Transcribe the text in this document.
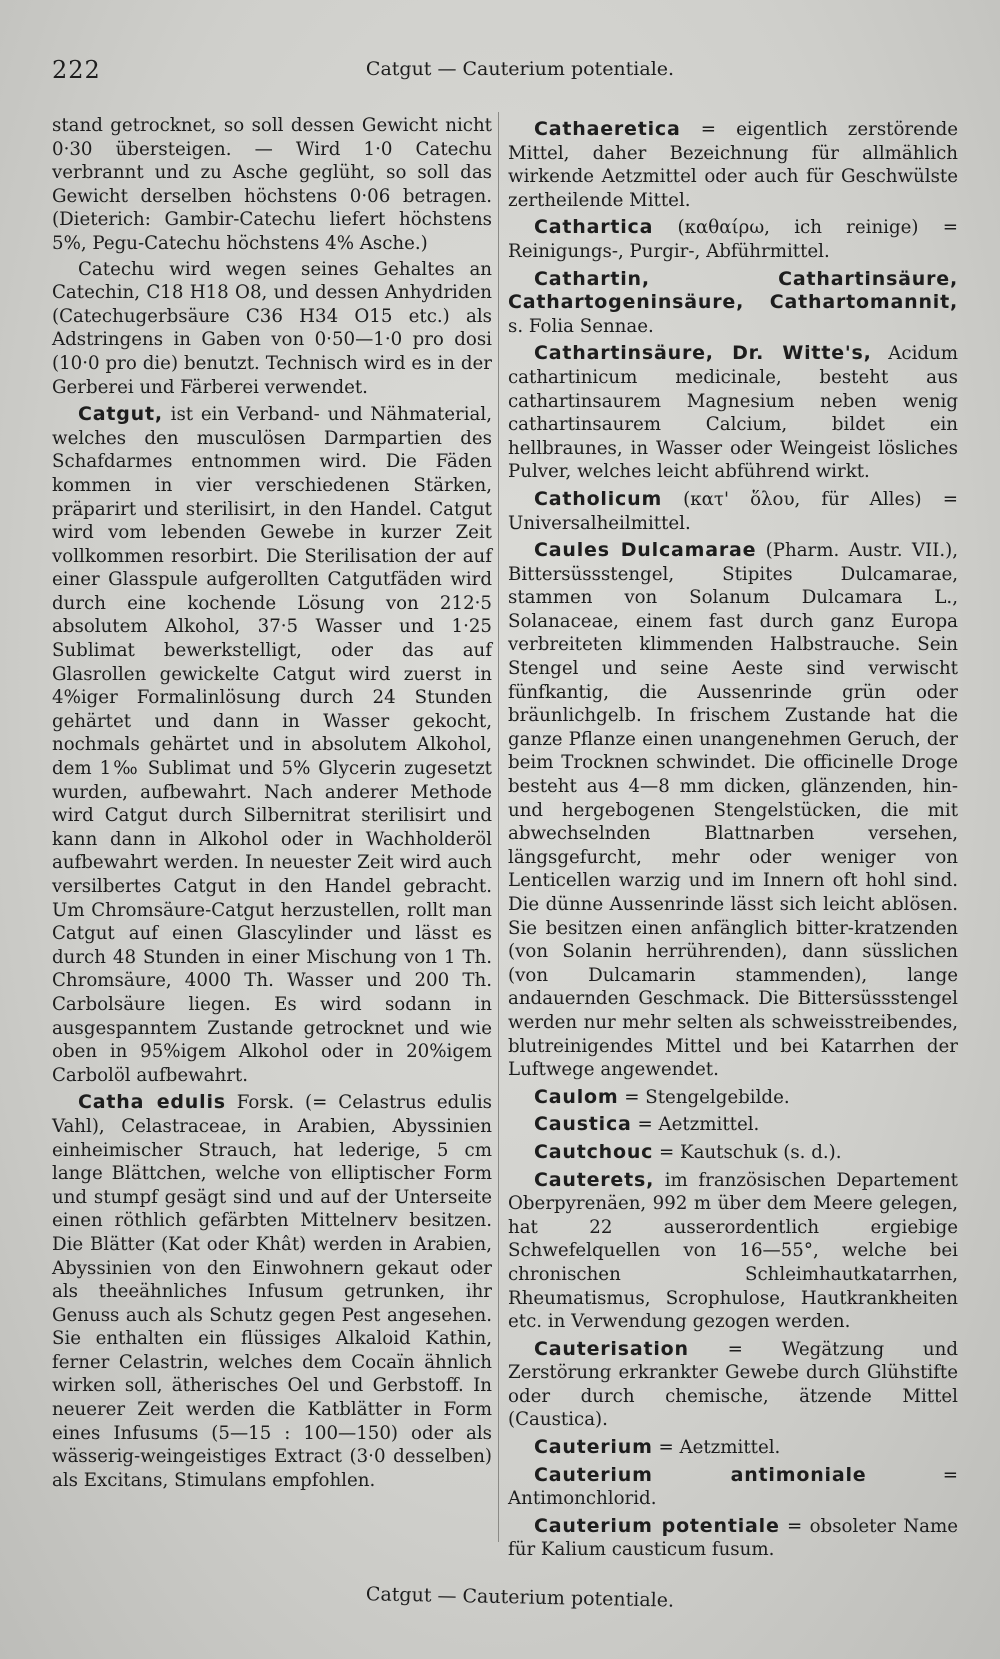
222	Catgut — Cauterium potentiale.

stand getrocknet, so soll dessen Gewicht nicht 0·30 übersteigen. — Wird 1·0 Catechu verbrannt und zu Asche geglüht, so soll das Gewicht derselben höchstens 0·06 betragen. (Dieterich: Gambir-Catechu liefert höchstens 5%, Pegu-Catechu höchstens 4% Asche.)

Catechu wird wegen seines Gehaltes an Catechin, C18 H18 O8, und dessen Anhydriden (Catechugerbsäure C36 H34 O15 etc.) als Adstringens in Gaben von 0·50—1·0 pro dosi (10·0 pro die) benutzt. Technisch wird es in der Gerberei und Färberei verwendet.

Catgut, ist ein Verband- und Nähmaterial, welches den musculösen Darmpartien des Schafdarmes entnommen wird. Die Fäden kommen in vier verschiedenen Stärken, präparirt und sterilisirt, in den Handel. Catgut wird vom lebenden Gewebe in kurzer Zeit vollkommen resorbirt. Die Sterilisation der auf einer Glasspule aufgerollten Catgutfäden wird durch eine kochende Lösung von 212·5 absolutem Alkohol, 37·5 Wasser und 1·25 Sublimat bewerkstelligt, oder das auf Glasrollen gewickelte Catgut wird zuerst in 4%iger Formalinlösung durch 24 Stunden gehärtet und dann in Wasser gekocht, nochmals gehärtet und in absolutem Alkohol, dem 1‰ Sublimat und 5% Glycerin zugesetzt wurden, aufbewahrt. Nach anderer Methode wird Catgut durch Silbernitrat sterilisirt und kann dann in Alkohol oder in Wachholderöl aufbewahrt werden. In neuester Zeit wird auch versilbertes Catgut in den Handel gebracht. Um Chromsäure-Catgut herzustellen, rollt man Catgut auf einen Glascylinder und lässt es durch 48 Stunden in einer Mischung von 1 Th. Chromsäure, 4000 Th. Wasser und 200 Th. Carbolsäure liegen. Es wird sodann in ausgespanntem Zustande getrocknet und wie oben in 95%igem Alkohol oder in 20%igem Carbolöl aufbewahrt.

Catha edulis Forsk. (= Celastrus edulis Vahl), Celastraceae, in Arabien, Abyssinien einheimischer Strauch, hat lederige, 5 cm lange Blättchen, welche von elliptischer Form und stumpf gesägt sind und auf der Unterseite einen röthlich gefärbten Mittelnerv besitzen. Die Blätter (Kat oder Khât) werden in Arabien, Abyssinien von den Einwohnern gekaut oder als theeähnliches Infusum getrunken, ihr Genuss auch als Schutz gegen Pest angesehen. Sie enthalten ein flüssiges Alkaloid Kathin, ferner Celastrin, welches dem Cocaïn ähnlich wirken soll, ätherisches Oel und Gerbstoff. In neuerer Zeit werden die Katblätter in Form eines Infusums (5—15 : 100—150) oder als wässerig-weingeistiges Extract (3·0 desselben) als Excitans, Stimulans empfohlen.

Cathaeretica = eigentlich zerstörende Mittel, daher Bezeichnung für allmählich wirkende Aetzmittel oder auch für Geschwülste zertheilende Mittel.

Cathartica (καθαίρω, ich reinige) = Reinigungs-, Purgir-, Abführmittel.

Cathartin, Cathartinsäure, Cathartogeninsäure, Cathartomannit, s. Folia Sennae.

Cathartinsäure, Dr. Witte's, Acidum cathartinicum medicinale, besteht aus cathartinsaurem Magnesium neben wenig cathartinsaurem Calcium, bildet ein hellbraunes, in Wasser oder Weingeist lösliches Pulver, welches leicht abführend wirkt.

Catholicum (κατ' ὅλου, für Alles) = Universalheilmittel.

Caules Dulcamarae (Pharm. Austr. VII.), Bittersüssstengel, Stipites Dulcamarae, stammen von Solanum Dulcamara L., Solanaceae, einem fast durch ganz Europa verbreiteten klimmenden Halbstrauche. Sein Stengel und seine Aeste sind verwischt fünfkantig, die Aussenrinde grün oder bräunlichgelb. In frischem Zustande hat die ganze Pflanze einen unangenehmen Geruch, der beim Trocknen schwindet. Die officinelle Droge besteht aus 4—8 mm dicken, glänzenden, hin- und hergebogenen Stengelstücken, die mit abwechselnden Blattnarben versehen, längsgefurcht, mehr oder weniger von Lenticellen warzig und im Innern oft hohl sind. Die dünne Aussenrinde lässt sich leicht ablösen. Sie besitzen einen anfänglich bitter-kratzenden (von Solanin herrührenden), dann süsslichen (von Dulcamarin stammenden), lange andauernden Geschmack. Die Bittersüssstengel werden nur mehr selten als schweisstreibendes, blutreinigendes Mittel und bei Katarrhen der Luftwege angewendet.

Caulom = Stengelgebilde.

Caustica = Aetzmittel.

Cautchouc = Kautschuk (s. d.).

Cauterets, im französischen Departement Oberpyrenäen, 992 m über dem Meere gelegen, hat 22 ausserordentlich ergiebige Schwefelquellen von 16—55°, welche bei chronischen Schleimhautkatarrhen, Rheumatismus, Scrophulose, Hautkrankheiten etc. in Verwendung gezogen werden.

Cauterisation = Wegätzung und Zerstörung erkrankter Gewebe durch Glühstifte oder durch chemische, ätzende Mittel (Caustica).

Cauterium = Aetzmittel.

Cauterium antimoniale = Antimonchlorid.

Cauterium potentiale = obsoleter Name für Kalium causticum fusum.

Catgut — Cauterium potentiale.
